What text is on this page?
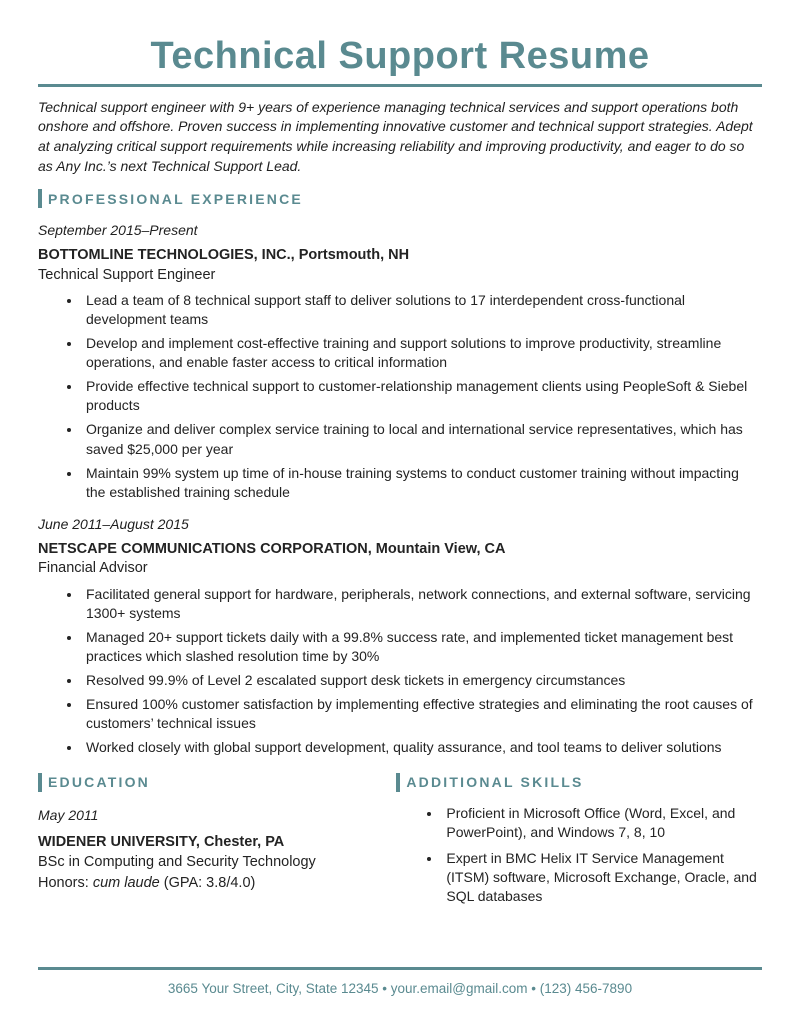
Technical Support Resume

Technical support engineer with 9+ years of experience managing technical services and support operations both onshore and offshore. Proven success in implementing innovative customer and technical support strategies. Adept at analyzing critical support requirements while increasing reliability and improving productivity, and eager to do so as Any Inc.’s next Technical Support Lead.

PROFESSIONAL EXPERIENCE
September 2015–Present
BOTTOMLINE TECHNOLOGIES, INC., Portsmouth, NH
Technical Support Engineer
• Lead a team of 8 technical support staff to deliver solutions to 17 interdependent cross-functional development teams
• Develop and implement cost-effective training and support solutions to improve productivity, streamline operations, and enable faster access to critical information
• Provide effective technical support to customer-relationship management clients using PeopleSoft & Siebel products
• Organize and deliver complex service training to local and international service representatives, which has saved $25,000 per year
• Maintain 99% system up time of in-house training systems to conduct customer training without impacting the established training schedule
June 2011–August 2015
NETSCAPE COMMUNICATIONS CORPORATION, Mountain View, CA
Financial Advisor
• Facilitated general support for hardware, peripherals, network connections, and external software, servicing 1300+ systems
• Managed 20+ support tickets daily with a 99.8% success rate, and implemented ticket management best practices which slashed resolution time by 30%
• Resolved 99.9% of Level 2 escalated support desk tickets in emergency circumstances
• Ensured 100% customer satisfaction by implementing effective strategies and eliminating the root causes of customers’ technical issues
• Worked closely with global support development, quality assurance, and tool teams to deliver solutions
EDUCATION
May 2011
WIDENER UNIVERSITY, Chester, PA
BSc in Computing and Security Technology
Honors: cum laude (GPA: 3.8/4.0)
ADDITIONAL SKILLS
• Proficient in Microsoft Office (Word, Excel, and PowerPoint), and Windows 7, 8, 10
• Expert in BMC Helix IT Service Management (ITSM) software, Microsoft Exchange, Oracle, and SQL databases
3665 Your Street, City, State 12345 • your.email@gmail.com • (123) 456-7890
